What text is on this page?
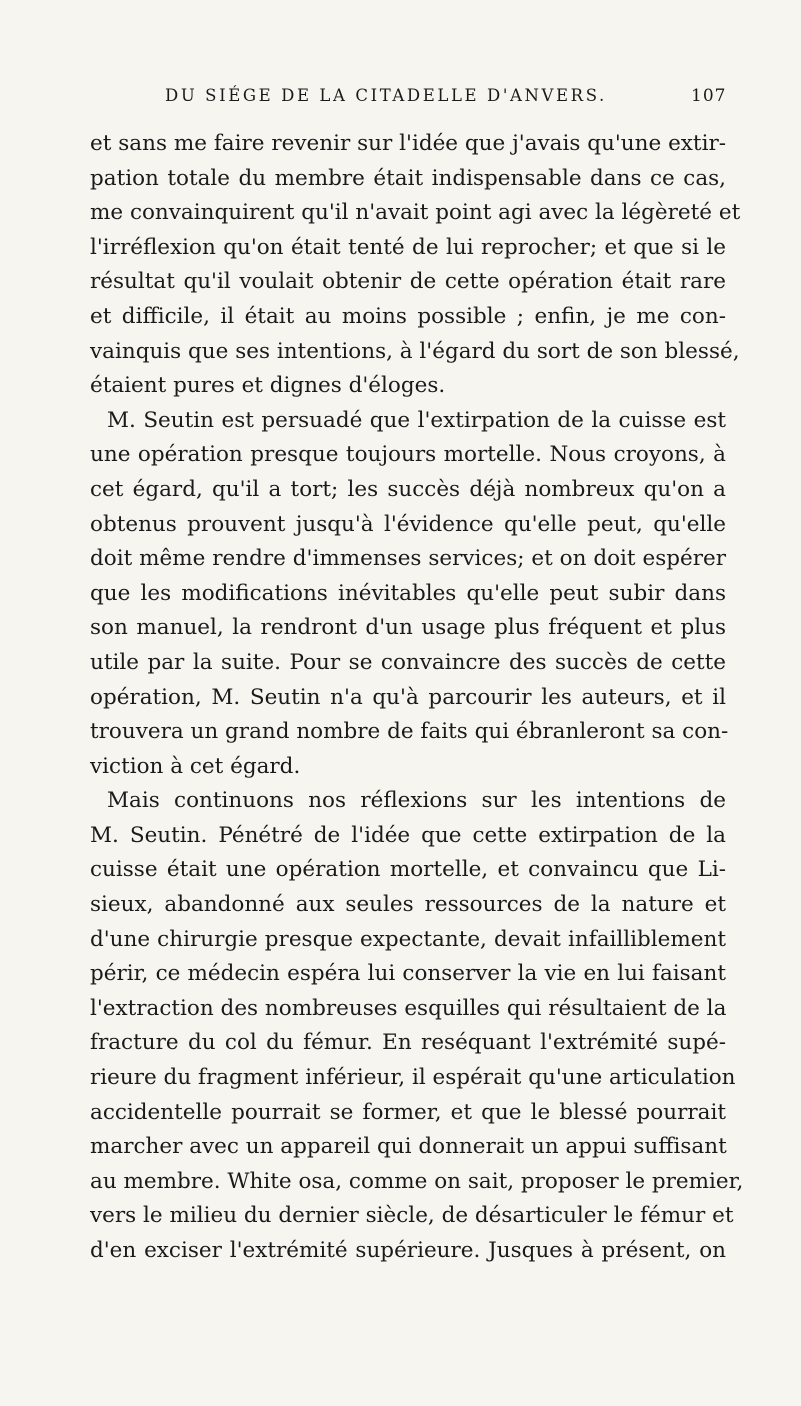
DU SIÉGE DE LA CITADELLE D'ANVERS.	107
et sans me faire revenir sur l'idée que j'avais qu'une extir-
pation totale du membre était indispensable dans ce cas,
me convainquirent qu'il n'avait point agi avec la légèreté et
l'irréflexion qu'on était tenté de lui reprocher; et que si le
résultat qu'il voulait obtenir de cette opération était rare
et difficile, il était au moins possible ; enfin, je me con-
vainquis que ses intentions, à l'égard du sort de son blessé,
étaient pures et dignes d'éloges.
M. Seutin est persuadé que l'extirpation de la cuisse est
une opération presque toujours mortelle. Nous croyons, à
cet égard, qu'il a tort; les succès déjà nombreux qu'on a
obtenus prouvent jusqu'à l'évidence qu'elle peut, qu'elle
doit même rendre d'immenses services; et on doit espérer
que les modifications inévitables qu'elle peut subir dans
son manuel, la rendront d'un usage plus fréquent et plus
utile par la suite. Pour se convaincre des succès de cette
opération, M. Seutin n'a qu'à parcourir les auteurs, et il
trouvera un grand nombre de faits qui ébranleront sa con-
viction à cet égard.
Mais continuons nos réflexions sur les intentions de
M. Seutin. Pénétré de l'idée que cette extirpation de la
cuisse était une opération mortelle, et convaincu que Li-
sieux, abandonné aux seules ressources de la nature et
d'une chirurgie presque expectante, devait infailliblement
périr, ce médecin espéra lui conserver la vie en lui faisant
l'extraction des nombreuses esquilles qui résultaient de la
fracture du col du fémur. En reséquant l'extrémité supé-
rieure du fragment inférieur, il espérait qu'une articulation
accidentelle pourrait se former, et que le blessé pourrait
marcher avec un appareil qui donnerait un appui suffisant
au membre. White osa, comme on sait, proposer le premier,
vers le milieu du dernier siècle, de désarticuler le fémur et
d'en exciser l'extrémité supérieure. Jusques à présent, on
